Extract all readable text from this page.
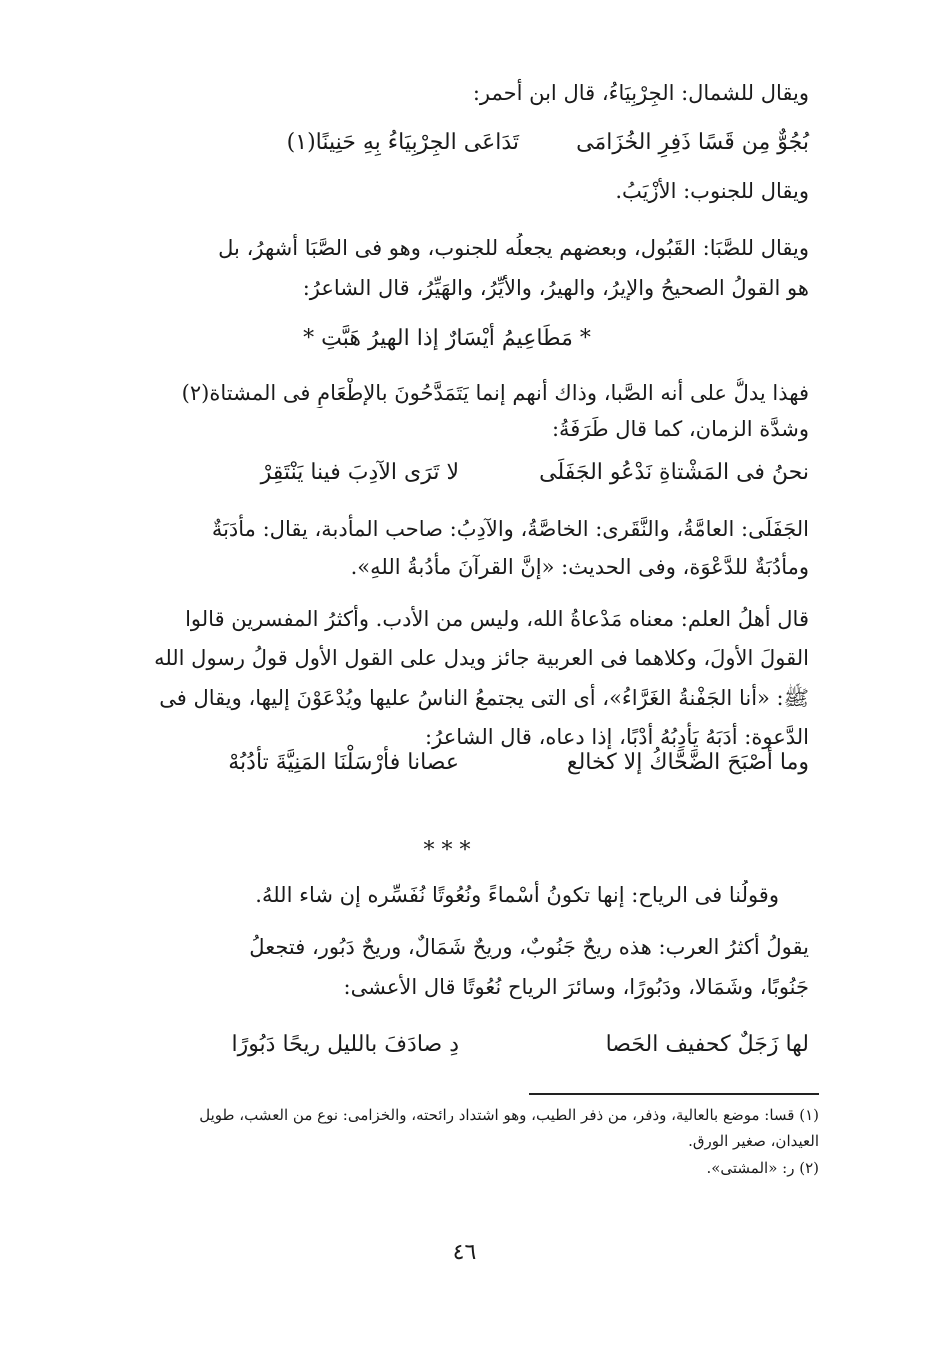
ويقال للشمال: الجِرْبِيَاءُ، قال ابن أحمر:
تَدَاعَى الجِرْبِيَاءُ بِهِ حَنِينًا(١)	بُجُوٌّ مِن قَسًا ذَفِرِ الخُزَامَى
ويقال للجنوب: الأزْيَبُ.
ويقال للصَّبَا: القَبُول، وبعضهم يجعلُه للجنوب، وهو فى الصَّبَا أشهرُ، بل
هو القولُ الصحيحُ والإيرُ، والهيرُ، والأيِّرُ، والهَيِّرُ، قال الشاعرُ:
* مَطَاعِيمُ أيْسَارٌ إذا الهيرُ هَبَّتِ *
فهذا يدلُّ على أنه الصَّبا، وذاك أنهم إنما يَتَمَدَّحُونَ بالإطْعَامِ فى المشتاة(٢)
وشدَّة الزمان، كما قال طَرَفَةُ:
نحنُ فى المَشْتاةِ نَدْعُو الجَفَلَى
لا تَرَى الآدِبَ فينا يَنْتَقِرْ
الجَفَلَى: العامَّةُ، والنَّقَرى: الخاصَّةُ، والآدِبُ: صاحب المأدبة، يقال: مأدَبَةٌ
ومأدُبَةٌ للدَّعْوَة، وفى الحديث: «إنَّ القرآنَ مأدُبةُ اللهِ».
قال أهلُ العلم: معناه مَدْعاةُ الله، وليس من الأدب. وأكثرُ المفسرين قالوا
القولَ الأولَ، وكلاهما فى العربية جائز ويدل على القول الأول قولُ رسول الله
ﷺ: «أنا الجَفْنةُ الغَرَّاءُ»، أى التى يجتمعُ الناسُ عليها ويُدْعَوْنَ إليها، ويقال فى
الدَّعوة: أدَبَهُ يَأْدِبُهُ أدْبًا، إذا دعاه، قال الشاعرُ:
وما أصْبَحَ الضَّحَّاكُ إلا كخالع
عصانا فأرْسَلْنَا المَنِيَّةَ تأدُبُهْ
* * *
وقولُنا فى الرياح: إنها تكونُ أسْماءً ونُعُوتًا نُفَسِّره إن شاء اللهُ.
يقولُ أكثرُ العرب: هذه ريحٌ جَنُوبٌ، وريحٌ شَمَالٌ، وريحٌ دَبُور، فتجعلُ
جَنُوبًا، وشَمَالا، ودَبُورًا، وسائرَ الرياح نُعُوتًا قال الأعشى:
لها زَجَلٌ كحفيف الحَصا
دِ صادَفَ بالليل ريحًا دَبُورًا
(١) قسا: موضع بالعالية، وذفر، من ذفر الطيب، وهو اشتداد رائحته، والخزامى: نوع من العشب، طويل
العيدان، صغير الورق.
(٢) ر: «المشتى».
٤٦
